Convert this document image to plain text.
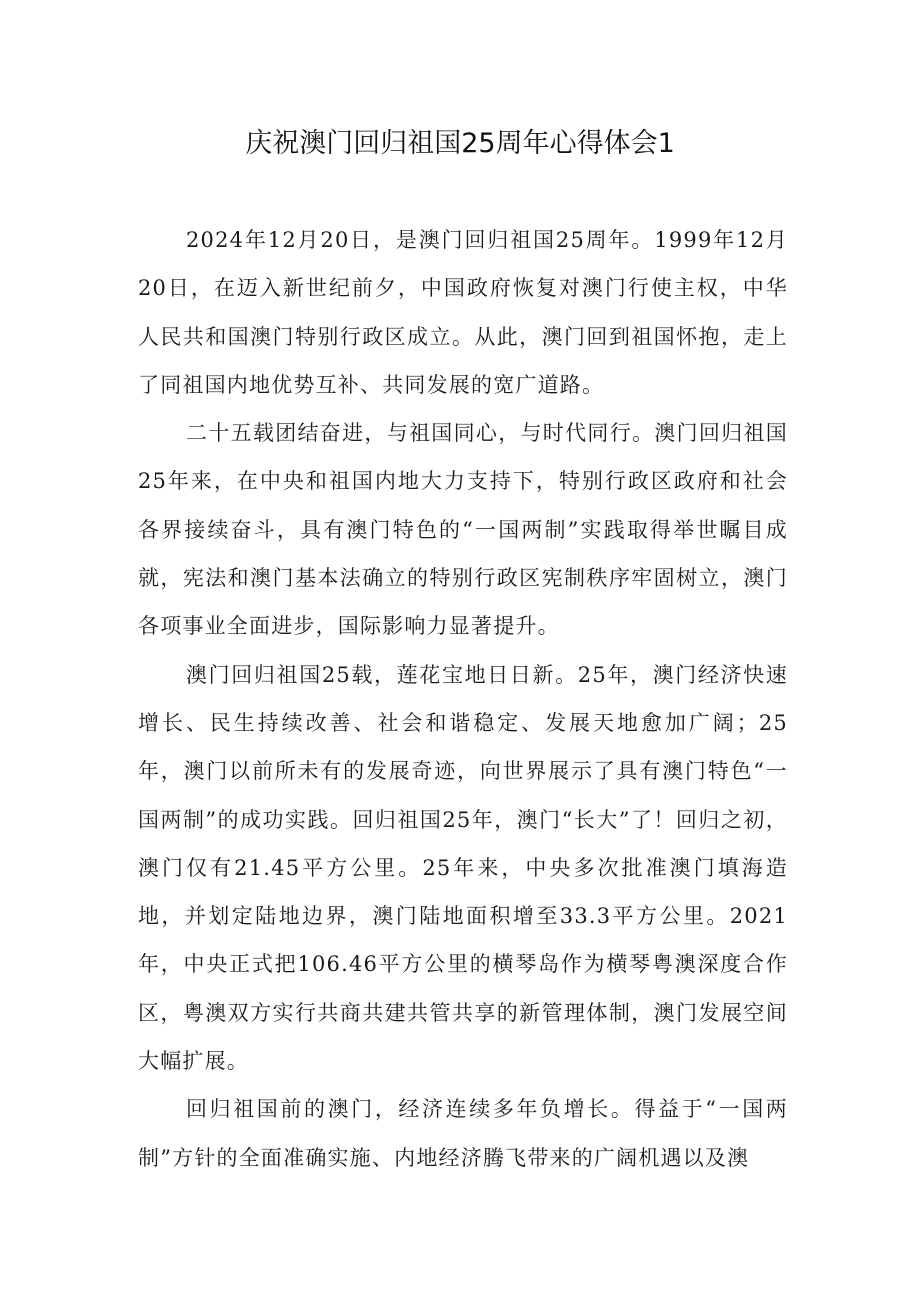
庆祝澳门回归祖国25周年心得体会1

2024年12月20日，是澳门回归祖国25周年。1999年12月20日，在迈入新世纪前夕，中国政府恢复对澳门行使主权，中华人民共和国澳门特别行政区成立。从此，澳门回到祖国怀抱，走上了同祖国内地优势互补、共同发展的宽广道路。

二十五载团结奋进，与祖国同心，与时代同行。澳门回归祖国25年来，在中央和祖国内地大力支持下，特别行政区政府和社会各界接续奋斗，具有澳门特色的“一国两制”实践取得举世瞩目成就，宪法和澳门基本法确立的特别行政区宪制秩序牢固树立，澳门各项事业全面进步，国际影响力显著提升。

澳门回归祖国25载，莲花宝地日日新。25年，澳门经济快速增长、民生持续改善、社会和谐稳定、发展天地愈加广阔；25年，澳门以前所未有的发展奇迹，向世界展示了具有澳门特色“一国两制”的成功实践。回归祖国25年，澳门“长大”了！回归之初，澳门仅有21.45平方公里。25年来，中央多次批准澳门填海造地，并划定陆地边界，澳门陆地面积增至33.3平方公里。2021年，中央正式把106.46平方公里的横琴岛作为横琴粤澳深度合作区，粤澳双方实行共商共建共管共享的新管理体制，澳门发展空间大幅扩展。

回归祖国前的澳门，经济连续多年负增长。得益于“一国两制”方针的全面准确实施、内地经济腾飞带来的广阔机遇以及澳
